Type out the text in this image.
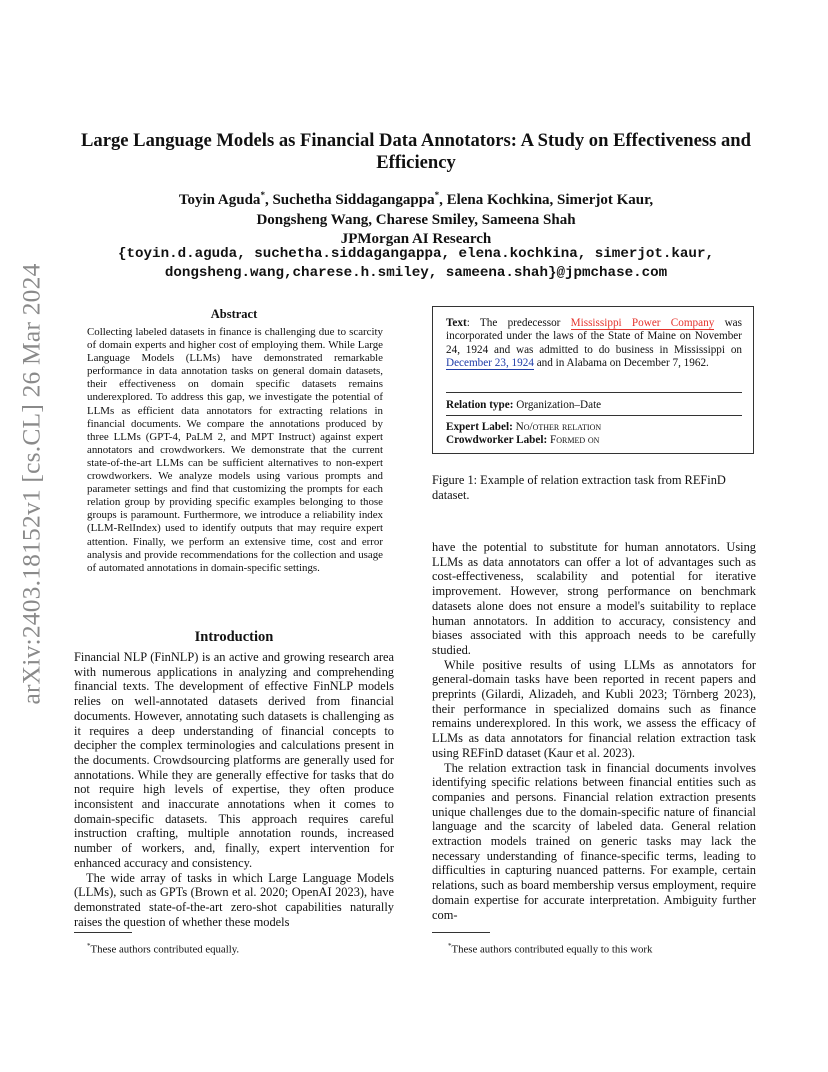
arXiv:2403.18152v1 [cs.CL] 26 Mar 2024
Large Language Models as Financial Data Annotators: A Study on Effectiveness and Efficiency
Toyin Aguda*, Suchetha Siddagangappa*, Elena Kochkina, Simerjot Kaur,
Dongsheng Wang, Charese Smiley, Sameena Shah
JPMorgan AI Research
{toyin.d.aguda, suchetha.siddagangappa, elena.kochkina, simerjot.kaur,
dongsheng.wang,charese.h.smiley, sameena.shah}@jpmchase.com
Abstract

Collecting labeled datasets in finance is challenging due to scarcity of domain experts and higher cost of employing them. While Large Language Models (LLMs) have demonstrated remarkable performance in data annotation tasks on general domain datasets, their effectiveness on domain specific datasets remains underexplored. To address this gap, we investigate the potential of LLMs as efficient data annotators for extracting relations in financial documents. We compare the annotations produced by three LLMs (GPT-4, PaLM 2, and MPT Instruct) against expert annotators and crowdworkers. We demonstrate that the current state-of-the-art LLMs can be sufficient alternatives to non-expert crowdworkers. We analyze models using various prompts and parameter settings and find that customizing the prompts for each relation group by providing specific examples belonging to those groups is paramount. Furthermore, we introduce a reliability index (LLM-RelIndex) used to identify outputs that may require expert attention. Finally, we perform an extensive time, cost and error analysis and provide recommendations for the collection and usage of automated annotations in domain-specific settings.

Introduction

Financial NLP (FinNLP) is an active and growing research area with numerous applications in analyzing and comprehending financial texts. The development of effective FinNLP models relies on well-annotated datasets derived from financial documents. However, annotating such datasets is challenging as it requires a deep understanding of financial concepts to decipher the complex terminologies and calculations present in the documents. Crowdsourcing platforms are generally used for annotations. While they are generally effective for tasks that do not require high levels of expertise, they often produce inconsistent and inaccurate annotations when it comes to domain-specific datasets. This approach requires careful instruction crafting, multiple annotation rounds, increased number of workers, and, finally, expert intervention for enhanced accuracy and consistency.

The wide array of tasks in which Large Language Models (LLMs), such as GPTs (Brown et al. 2020; OpenAI 2023), have demonstrated state-of-the-art zero-shot capabilities naturally raises the question of whether these models

*These authors contributed equally.
Text: The predecessor Mississippi Power Company was incorporated under the laws of the State of Maine on November 24, 1924 and was admitted to do business in Mississippi on December 23, 1924 and in Alabama on December 7, 1962.
Relation type: Organization–Date
Expert Label: No/other relation
Crowdworker Label: Formed on
Figure 1: Example of relation extraction task from REFinD dataset.

have the potential to substitute for human annotators. Using LLMs as data annotators can offer a lot of advantages such as cost-effectiveness, scalability and potential for iterative improvement. However, strong performance on benchmark datasets alone does not ensure a model's suitability to replace human annotators. In addition to accuracy, consistency and biases associated with this approach needs to be carefully studied.

While positive results of using LLMs as annotators for general-domain tasks have been reported in recent papers and preprints (Gilardi, Alizadeh, and Kubli 2023; Törnberg 2023), their performance in specialized domains such as finance remains underexplored. In this work, we assess the efficacy of LLMs as data annotators for financial relation extraction task using REFinD dataset (Kaur et al. 2023).

The relation extraction task in financial documents involves identifying specific relations between financial entities such as companies and persons. Financial relation extraction presents unique challenges due to the domain-specific nature of financial language and the scarcity of labeled data. General relation extraction models trained on generic tasks may lack the necessary understanding of finance-specific terms, leading to difficulties in capturing nuanced patterns. For example, certain relations, such as board membership versus employment, require domain expertise for accurate interpretation. Ambiguity further com-

*These authors contributed equally to this work
